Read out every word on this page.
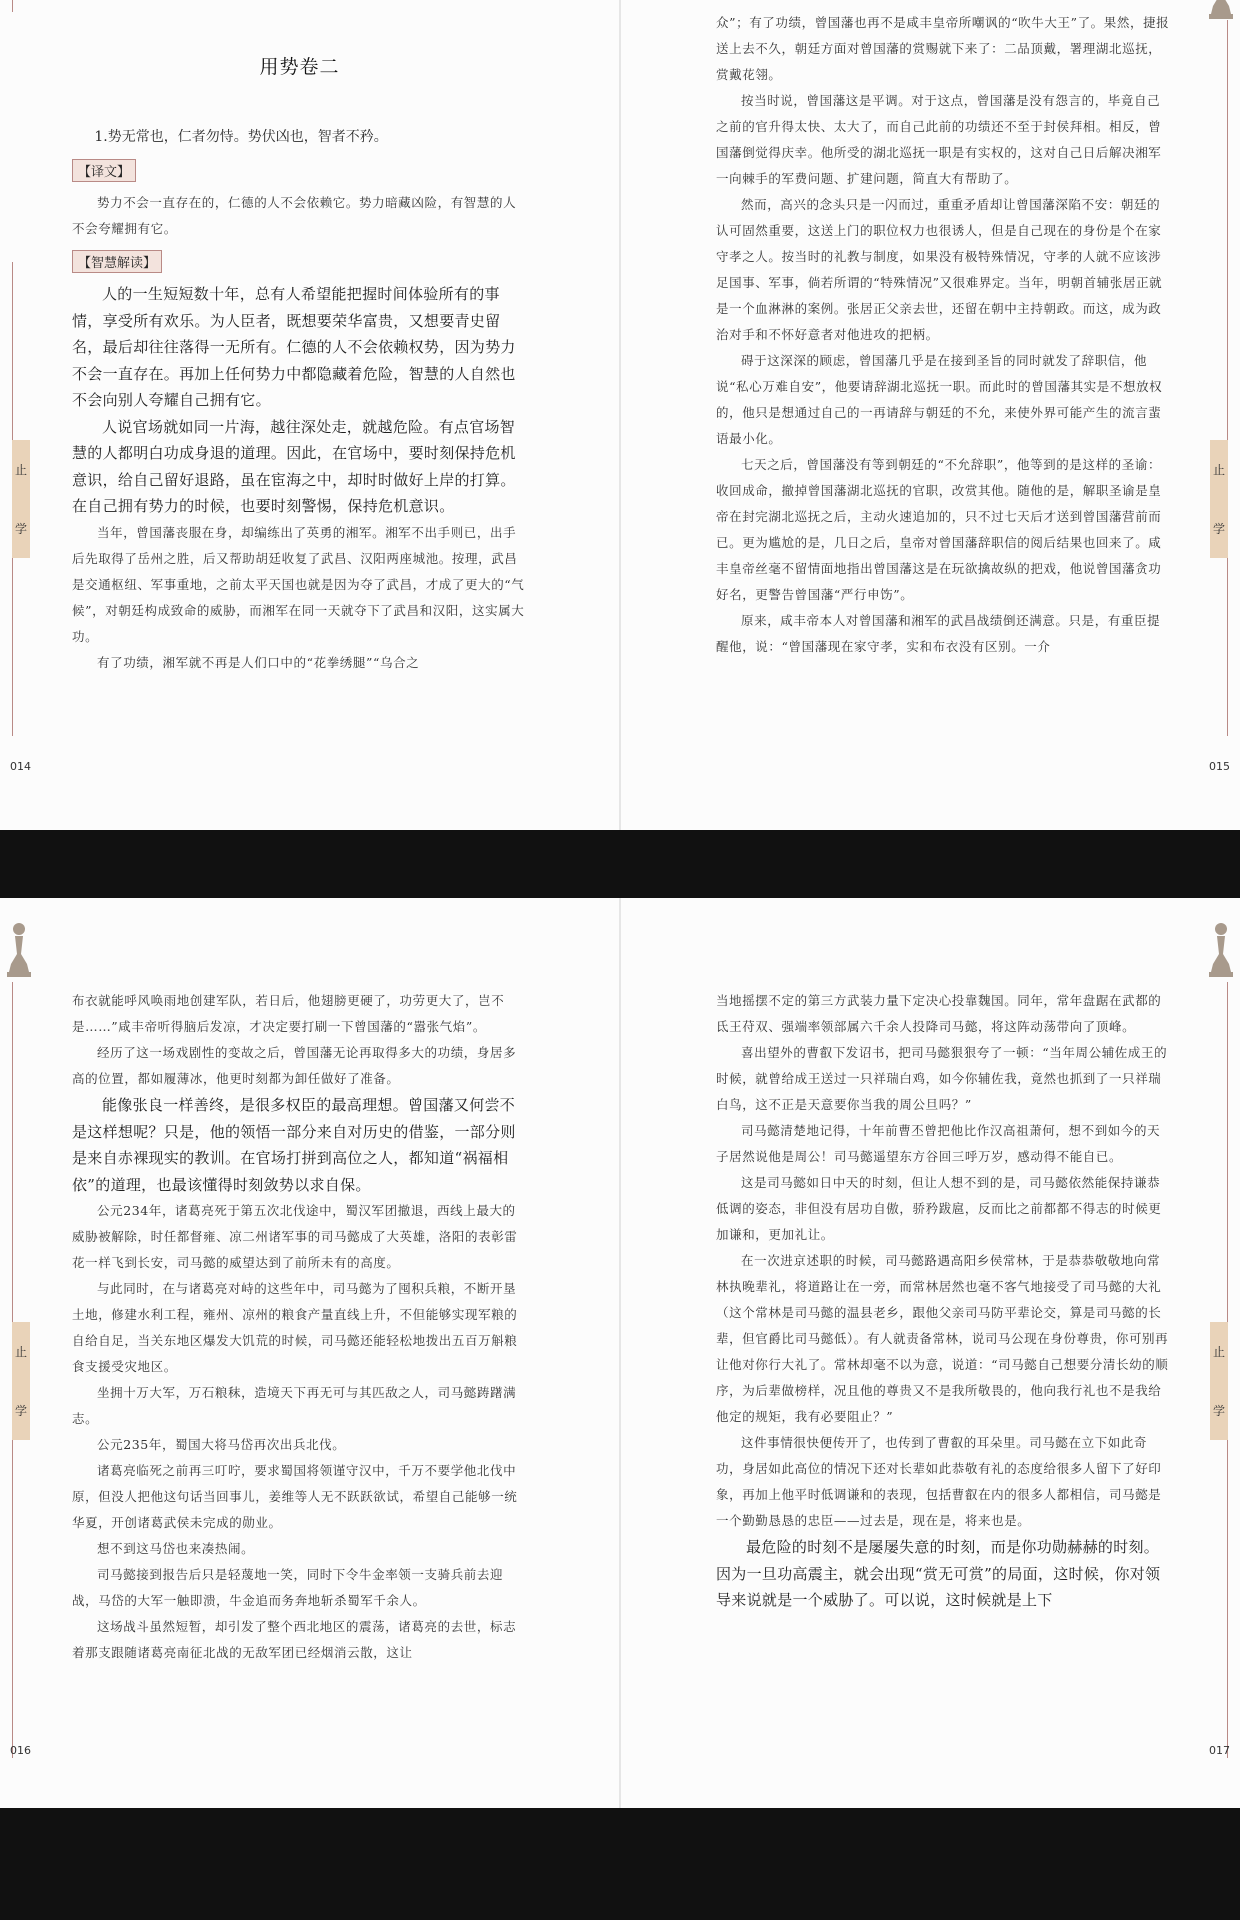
止
学
014
用势卷二

1.势无常也，仁者勿恃。势伏凶也，智者不矜。

【译文】

势力不会一直存在的，仁德的人不会依赖它。势力暗藏凶险，有智慧的人不会夸耀拥有它。

【智慧解读】

人的一生短短数十年，总有人希望能把握时间体验所有的事情，享受所有欢乐。为人臣者，既想要荣华富贵，又想要青史留名，最后却往往落得一无所有。仁德的人不会依赖权势，因为势力不会一直存在。再加上任何势力中都隐藏着危险，智慧的人自然也不会向别人夸耀自己拥有它。

人说官场就如同一片海，越往深处走，就越危险。有点官场智慧的人都明白功成身退的道理。因此，在官场中，要时刻保持危机意识，给自己留好退路，虽在宦海之中，却时时做好上岸的打算。在自己拥有势力的时候，也要时刻警惕，保持危机意识。

当年，曾国藩丧服在身，却编练出了英勇的湘军。湘军不出手则已，出手后先取得了岳州之胜，后又帮助胡廷收复了武昌、汉阳两座城池。按理，武昌是交通枢纽、军事重地，之前太平天国也就是因为夺了武昌，才成了更大的“气候”，对朝廷构成致命的威胁，而湘军在同一天就夺下了武昌和汉阳，这实属大功。

有了功绩，湘军就不再是人们口中的“花拳绣腿”“乌合之

止
学
015

众”；有了功绩，曾国藩也再不是咸丰皇帝所嘲讽的“吹牛大王”了。果然，捷报送上去不久，朝廷方面对曾国藩的赏赐就下来了：二品顶戴，署理湖北巡抚，赏戴花翎。

按当时说，曾国藩这是平调。对于这点，曾国藩是没有怨言的，毕竟自己之前的官升得太快、太大了，而自己此前的功绩还不至于封侯拜相。相反，曾国藩倒觉得庆幸。他所受的湖北巡抚一职是有实权的，这对自己日后解决湘军一向棘手的军费问题、扩建问题，简直大有帮助了。

然而，高兴的念头只是一闪而过，重重矛盾却让曾国藩深陷不安：朝廷的认可固然重要，这送上门的职位权力也很诱人，但是自己现在的身份是个在家守孝之人。按当时的礼教与制度，如果没有极特殊情况，守孝的人就不应该涉足国事、军事，倘若所谓的“特殊情况”又很难界定。当年，明朝首辅张居正就是一个血淋淋的案例。张居正父亲去世，还留在朝中主持朝政。而这，成为政治对手和不怀好意者对他进攻的把柄。

碍于这深深的顾虑，曾国藩几乎是在接到圣旨的同时就发了辞职信，他说“私心万难自安”，他要请辞湖北巡抚一职。而此时的曾国藩其实是不想放权的，他只是想通过自己的一再请辞与朝廷的不允，来使外界可能产生的流言蜚语最小化。

七天之后，曾国藩没有等到朝廷的“不允辞职”，他等到的是这样的圣谕：收回成命，撤掉曾国藩湖北巡抚的官职，改赏其他。随他的是，解职圣谕是皇帝在封完湖北巡抚之后，主动火速追加的，只不过七天后才送到曾国藩营前而已。更为尴尬的是，几日之后，皇帝对曾国藩辞职信的阅后结果也回来了。咸丰皇帝丝毫不留情面地指出曾国藩这是在玩欲擒故纵的把戏，他说曾国藩贪功好名，更警告曾国藩“严行申饬”。

原来，咸丰帝本人对曾国藩和湘军的武昌战绩倒还满意。只是，有重臣提醒他，说：“曾国藩现在家守孝，实和布衣没有区别。一介

止
学
016

布衣就能呼风唤雨地创建军队，若日后，他翅膀更硬了，功劳更大了，岂不是……”咸丰帝听得脑后发凉，才决定要打刷一下曾国藩的“嚣张气焰”。

经历了这一场戏剧性的变故之后，曾国藩无论再取得多大的功绩，身居多高的位置，都如履薄冰，他更时刻都为卸任做好了准备。

能像张良一样善终，是很多权臣的最高理想。曾国藩又何尝不是这样想呢？只是，他的领悟一部分来自对历史的借鉴，一部分则是来自赤裸现实的教训。在官场打拼到高位之人，都知道“祸福相依”的道理，也最该懂得时刻敛势以求自保。

公元234年，诸葛亮死于第五次北伐途中，蜀汉军团撤退，西线上最大的威胁被解除，时任都督雍、凉二州诸军事的司马懿成了大英雄，洛阳的表彰雷花一样飞到长安，司马懿的威望达到了前所未有的高度。

与此同时，在与诸葛亮对峙的这些年中，司马懿为了囤积兵粮，不断开垦土地，修建水利工程，雍州、凉州的粮食产量直线上升，不但能够实现军粮的自给自足，当关东地区爆发大饥荒的时候，司马懿还能轻松地拨出五百万斛粮食支援受灾地区。

坐拥十万大军，万石粮秣，造境天下再无可与其匹敌之人，司马懿踌躇满志。

公元235年，蜀国大将马岱再次出兵北伐。

诸葛亮临死之前再三叮咛，要求蜀国将领谨守汉中，千万不要学他北伐中原，但没人把他这句话当回事儿，姜维等人无不跃跃欲试，希望自己能够一统华夏，开创诸葛武侯未完成的勋业。

想不到这马岱也来凑热闹。

司马懿接到报告后只是轻蔑地一笑，同时下令牛金率领一支骑兵前去迎战，马岱的大军一触即溃，牛金追而务奔地斩杀蜀军千余人。

这场战斗虽然短暂，却引发了整个西北地区的震荡，诸葛亮的去世，标志着那支跟随诸葛亮南征北战的无敌军团已经烟消云散，这让

止
学
017

当地摇摆不定的第三方武装力量下定决心投靠魏国。同年，常年盘踞在武都的氐王苻双、强端率领部属六千余人投降司马懿，将这阵动荡带向了顶峰。

喜出望外的曹叡下发诏书，把司马懿狠狠夸了一顿：“当年周公辅佐成王的时候，就曾给成王送过一只祥瑞白鸡，如今你辅佐我，竟然也抓到了一只祥瑞白鸟，这不正是天意要你当我的周公旦吗？”

司马懿清楚地记得，十年前曹丕曾把他比作汉高祖萧何，想不到如今的天子居然说他是周公！司马懿遥望东方谷回三呼万岁，感动得不能自已。

这是司马懿如日中天的时刻，但让人想不到的是，司马懿依然能保持谦恭低调的姿态，非但没有居功自傲，骄矜跋扈，反而比之前都都不得志的时候更加谦和，更加礼让。

在一次进京述职的时候，司马懿路遇高阳乡侯常林，于是恭恭敬敬地向常林执晚辈礼，将道路让在一旁，而常林居然也毫不客气地接受了司马懿的大礼（这个常林是司马懿的温县老乡，跟他父亲司马防平辈论交，算是司马懿的长辈，但官爵比司马懿低）。有人就责备常林，说司马公现在身份尊贵，你可别再让他对你行大礼了。常林却毫不以为意，说道：“司马懿自己想要分清长幼的顺序，为后辈做榜样，况且他的尊贵又不是我所敬畏的，他向我行礼也不是我给他定的规矩，我有必要阻止？”

这件事情很快便传开了，也传到了曹叡的耳朵里。司马懿在立下如此奇功，身居如此高位的情况下还对长辈如此恭敬有礼的态度给很多人留下了好印象，再加上他平时低调谦和的表现，包括曹叡在内的很多人都相信，司马懿是一个勤勤恳恳的忠臣——过去是，现在是，将来也是。

最危险的时刻不是屡屡失意的时刻，而是你功勋赫赫的时刻。因为一旦功高震主，就会出现“赏无可赏”的局面，这时候，你对领导来说就是一个威胁了。可以说，这时候就是上下
